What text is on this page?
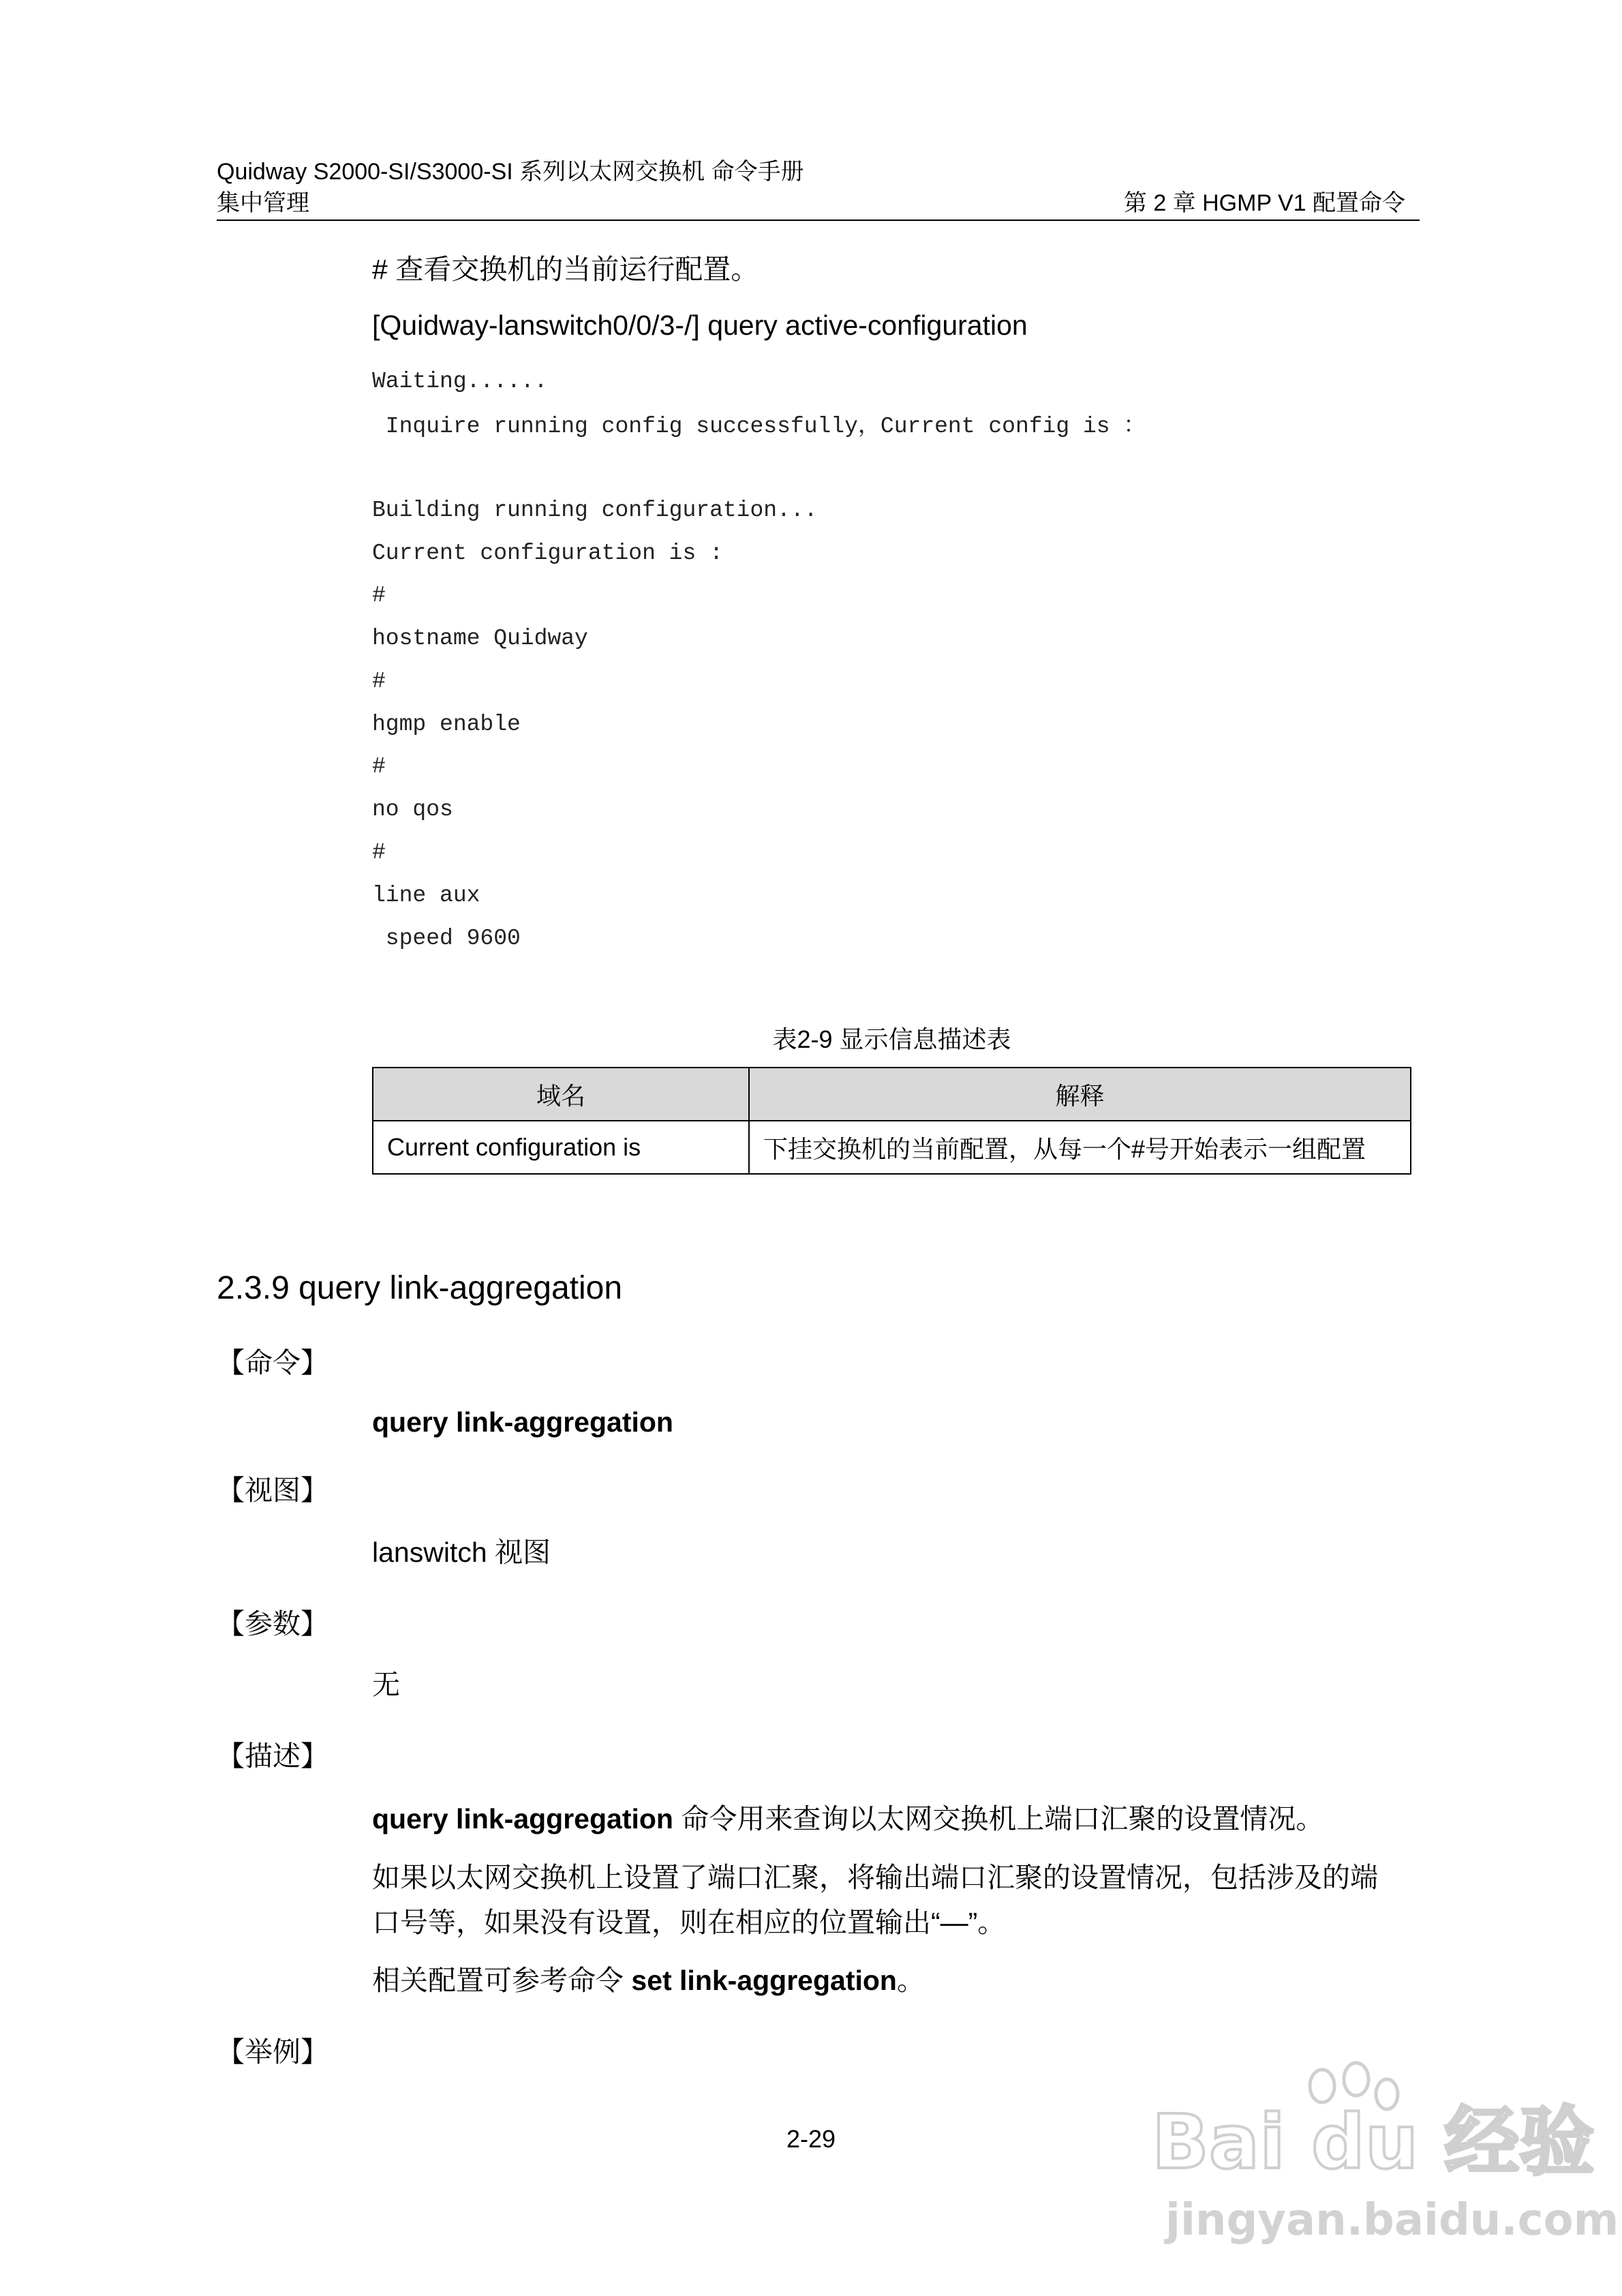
Quidway S2000-SI/S3000-SI 系列以太网交换机 命令手册
集中管理	第 2 章 HGMP V1 配置命令
# 查看交换机的当前运行配置。
[Quidway-lanswitch0/0/3-/] query active-configuration
Waiting......
Inquire running config successfully，Current config is ：
Building running configuration...
Current configuration is :
#
hostname Quidway
#
hgmp enable
#
no qos
#
line aux
speed 9600
表2-9 显示信息描述表
域名	解释
Current configuration is	下挂交换机的当前配置，从每一个#号开始表示一组配置
2.3.9 query link-aggregation
【命令】
query link-aggregation
【视图】
lanswitch 视图
【参数】
无
【描述】
query link-aggregation 命令用来查询以太网交换机上端口汇聚的设置情况。
如果以太网交换机上设置了端口汇聚，将输出端口汇聚的设置情况，包括涉及的端
口号等，如果没有设置，则在相应的位置输出“—”。
相关配置可参考命令 set link-aggregation。
【举例】
2-29	Bai du 经验
jingyan.baidu.com
